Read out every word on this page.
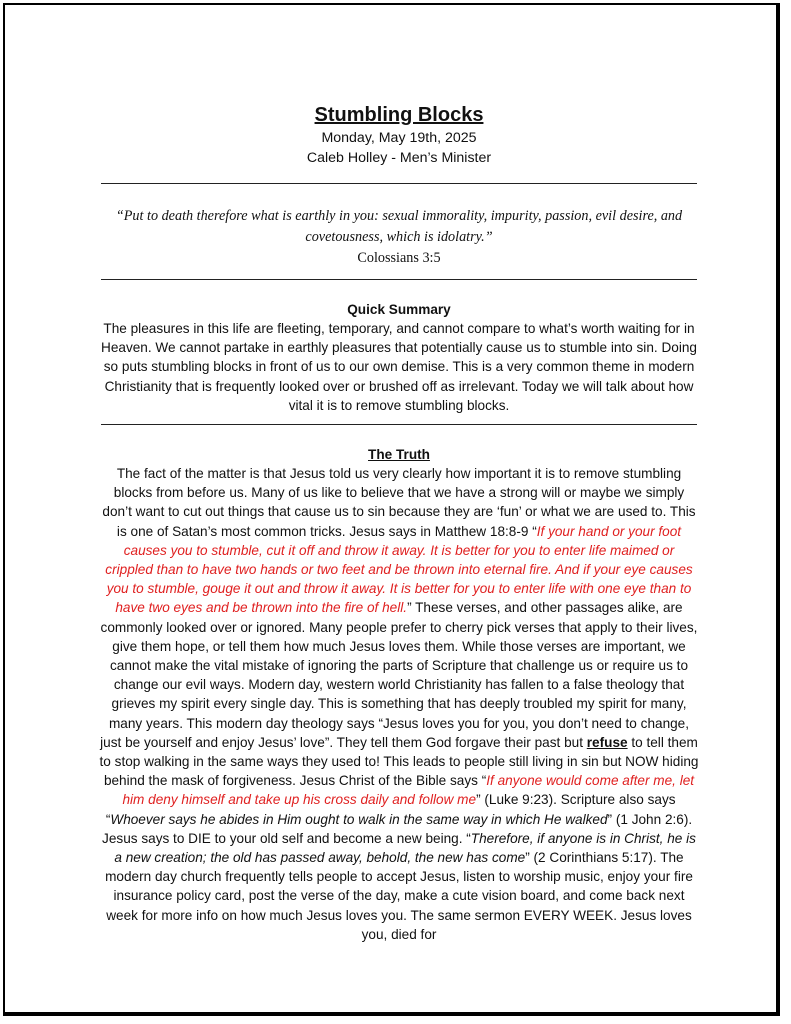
Stumbling Blocks
Monday, May 19th, 2025
Caleb Holley - Men’s Minister
“Put to death therefore what is earthly in you: sexual immorality, impurity, passion, evil desire, and covetousness, which is idolatry.”
Colossians 3:5
Quick Summary
The pleasures in this life are fleeting, temporary, and cannot compare to what’s worth waiting for in Heaven. We cannot partake in earthly pleasures that potentially cause us to stumble into sin. Doing so puts stumbling blocks in front of us to our own demise. This is a very common theme in modern Christianity that is frequently looked over or brushed off as irrelevant. Today we will talk about how vital it is to remove stumbling blocks.
The Truth
The fact of the matter is that Jesus told us very clearly how important it is to remove stumbling blocks from before us. Many of us like to believe that we have a strong will or maybe we simply don’t want to cut out things that cause us to sin because they are ‘fun’ or what we are used to. This is one of Satan’s most common tricks. Jesus says in Matthew 18:8-9 “If your hand or your foot causes you to stumble, cut it off and throw it away. It is better for you to enter life maimed or crippled than to have two hands or two feet and be thrown into eternal fire. And if your eye causes you to stumble, gouge it out and throw it away. It is better for you to enter life with one eye than to have two eyes and be thrown into the fire of hell.” These verses, and other passages alike, are commonly looked over or ignored. Many people prefer to cherry pick verses that apply to their lives, give them hope, or tell them how much Jesus loves them. While those verses are important, we cannot make the vital mistake of ignoring the parts of Scripture that challenge us or require us to change our evil ways. Modern day, western world Christianity has fallen to a false theology that grieves my spirit every single day. This is something that has deeply troubled my spirit for many, many years. This modern day theology says “Jesus loves you for you, you don’t need to change, just be yourself and enjoy Jesus’ love”. They tell them God forgave their past but refuse to tell them to stop walking in the same ways they used to! This leads to people still living in sin but NOW hiding behind the mask of forgiveness. Jesus Christ of the Bible says “If anyone would come after me, let him deny himself and take up his cross daily and follow me” (Luke 9:23). Scripture also says “Whoever says he abides in Him ought to walk in the same way in which He walked” (1 John 2:6). Jesus says to DIE to your old self and become a new being. “Therefore, if anyone is in Christ, he is a new creation; the old has passed away, behold, the new has come” (2 Corinthians 5:17). The modern day church frequently tells people to accept Jesus, listen to worship music, enjoy your fire insurance policy card, post the verse of the day, make a cute vision board, and come back next week for more info on how much Jesus loves you. The same sermon EVERY WEEK. Jesus loves you, died for
